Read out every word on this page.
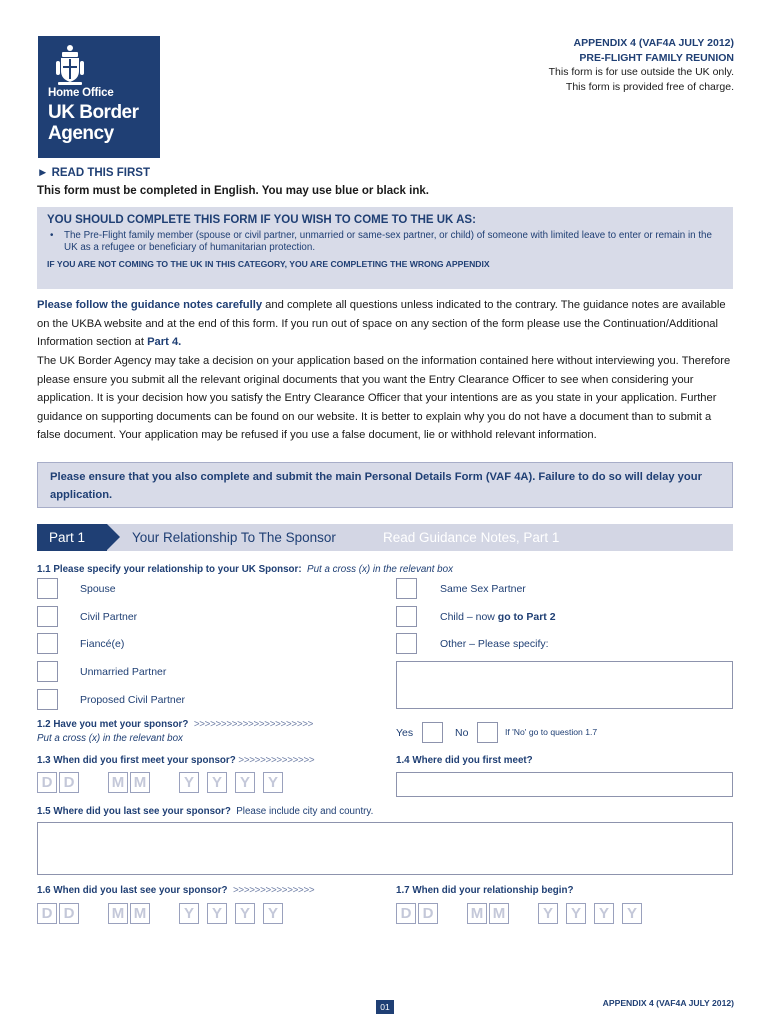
Home Office
UK Border Agency
APPENDIX 4 (VAF4A JULY 2012)
PRE-FLIGHT FAMILY REUNION
This form is for use outside the UK only.
This form is provided free of charge.
► READ THIS FIRST
This form must be completed in English. You may use blue or black ink.
YOU SHOULD COMPLETE THIS FORM IF YOU WISH TO COME TO THE UK AS:
• The Pre-Flight family member (spouse or civil partner, unmarried or same-sex partner, or child) of someone with limited leave to enter or remain in the UK as a refugee or beneficiary of humanitarian protection.
IF YOU ARE NOT COMING TO THE UK IN THIS CATEGORY, YOU ARE COMPLETING THE WRONG APPENDIX
Please follow the guidance notes carefully and complete all questions unless indicated to the contrary. The guidance notes are available on the UKBA website and at the end of this form. If you run out of space on any section of the form please use the Continuation/Additional Information section at Part 4.
The UK Border Agency may take a decision on your application based on the information contained here without interviewing you. Therefore please ensure you submit all the relevant original documents that you want the Entry Clearance Officer to see when considering your application. It is your decision how you satisfy the Entry Clearance Officer that your intentions are as you state in your application. Further guidance on supporting documents can be found on our website. It is better to explain why you do not have a document than to submit a false document. Your application may be refused if you use a false document, lie or withhold relevant information.
Please ensure that you also complete and submit the main Personal Details Form (VAF 4A). Failure to do so will delay your application.
Part 1	Your Relationship To The Sponsor	Read Guidance Notes, Part 1
1.1 Please specify your relationship to your UK Sponsor: Put a cross (x) in the relevant box
Spouse
Civil Partner
Fiancé(e)
Unmarried Partner
Proposed Civil Partner
Same Sex Partner
Child – now go to Part 2
Other – Please specify:
1.2 Have you met your sponsor? >>>>>>>>>>>>>>>>>>>>>>
Put a cross (x) in the relevant box	Yes	No	If 'No' go to question 1.7
1.3 When did you first meet your sponsor? >>>>>>>>>>>>>>	1.4 Where did you first meet?
D D	M M	Y	Y	Y	Y
1.5 Where did you last see your sponsor? Please include city and country.
1.6 When did you last see your sponsor? >>>>>>>>>>>>>>>	1.7 When did your relationship begin?
D D	M M	Y	Y	Y	Y	D D	M M	Y	Y	Y	Y
01	APPENDIX 4 (VAF4A JULY 2012)
